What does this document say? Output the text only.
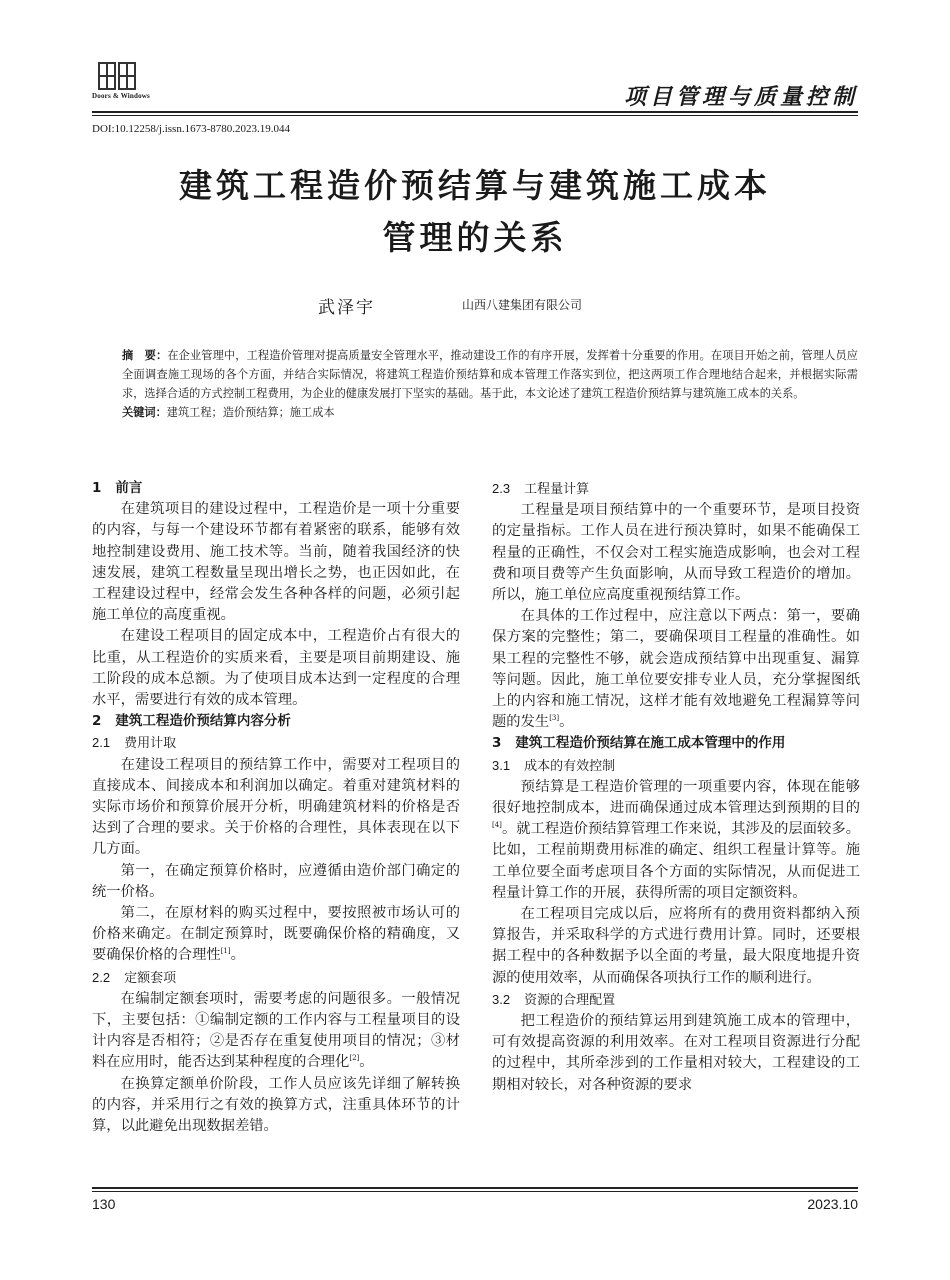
Doors & Windows	项目管理与质量控制
DOI:10.12258/j.issn.1673-8780.2023.19.044
建筑工程造价预结算与建筑施工成本
管理的关系
武泽宇	山西八建集团有限公司

摘　要：在企业管理中，工程造价管理对提高质量安全管理水平，推动建设工作的有序开展，发挥着十分重要的作用。在项目开始之前，管理人员应全面调查施工现场的各个方面，并结合实际情况，将建筑工程造价预结算和成本管理工作落实到位，把这两项工作合理地结合起来，并根据实际需求，选择合适的方式控制工程费用，为企业的健康发展打下坚实的基础。基于此，本文论述了建筑工程造价预结算与建筑施工成本的关系。

关键词：建筑工程；造价预结算；施工成本

1 前言

在建筑项目的建设过程中，工程造价是一项十分重要的内容，与每一个建设环节都有着紧密的联系，能够有效地控制建设费用、施工技术等。当前，随着我国经济的快速发展，建筑工程数量呈现出增长之势，也正因如此，在工程建设过程中，经常会发生各种各样的问题，必须引起施工单位的高度重视。

在建设工程项目的固定成本中，工程造价占有很大的比重，从工程造价的实质来看，主要是项目前期建设、施工阶段的成本总额。为了使项目成本达到一定程度的合理水平，需要进行有效的成本管理。

2 建筑工程造价预结算内容分析

2.1 费用计取

在建设工程项目的预结算工作中，需要对工程项目的直接成本、间接成本和利润加以确定。着重对建筑材料的实际市场价和预算价展开分析，明确建筑材料的价格是否达到了合理的要求。关于价格的合理性，具体表现在以下几方面。

第一，在确定预算价格时，应遵循由造价部门确定的统一价格。

第二，在原材料的购买过程中，要按照被市场认可的价格来确定。在制定预算时，既要确保价格的精确度，又要确保价格的合理性[1]。

2.2 定额套项

在编制定额套项时，需要考虑的问题很多。一般情况下，主要包括：①编制定额的工作内容与工程量项目的设计内容是否相符；②是否存在重复使用项目的情况；③材料在应用时，能否达到某种程度的合理化[2]。

在换算定额单价阶段，工作人员应该先详细了解转换的内容，并采用行之有效的换算方式，注重具体环节的计算，以此避免出现数据差错。

2.3 工程量计算

工程量是项目预结算中的一个重要环节，是项目投资的定量指标。工作人员在进行预决算时，如果不能确保工程量的正确性，不仅会对工程实施造成影响，也会对工程费和项目费等产生负面影响，从而导致工程造价的增加。所以，施工单位应高度重视预结算工作。

在具体的工作过程中，应注意以下两点：第一，要确保方案的完整性；第二，要确保项目工程量的准确性。如果工程的完整性不够，就会造成预结算中出现重复、漏算等问题。因此，施工单位要安排专业人员，充分掌握图纸上的内容和施工情况，这样才能有效地避免工程漏算等问题的发生[3]。

3 建筑工程造价预结算在施工成本管理中的作用

3.1 成本的有效控制

预结算是工程造价管理的一项重要内容，体现在能够很好地控制成本，进而确保通过成本管理达到预期的目的[4]。就工程造价预结算管理工作来说，其涉及的层面较多。比如，工程前期费用标准的确定、组织工程量计算等。施工单位要全面考虑项目各个方面的实际情况，从而促进工程量计算工作的开展，获得所需的项目定额资料。

在工程项目完成以后，应将所有的费用资料都纳入预算报告，并采取科学的方式进行费用计算。同时，还要根据工程中的各种数据予以全面的考量，最大限度地提升资源的使用效率，从而确保各项执行工作的顺利进行。

3.2 资源的合理配置

把工程造价的预结算运用到建筑施工成本的管理中，可有效提高资源的利用效率。在对工程项目资源进行分配的过程中，其所牵涉到的工作量相对较大，工程建设的工期相对较长，对各种资源的要求

130	2023.10
